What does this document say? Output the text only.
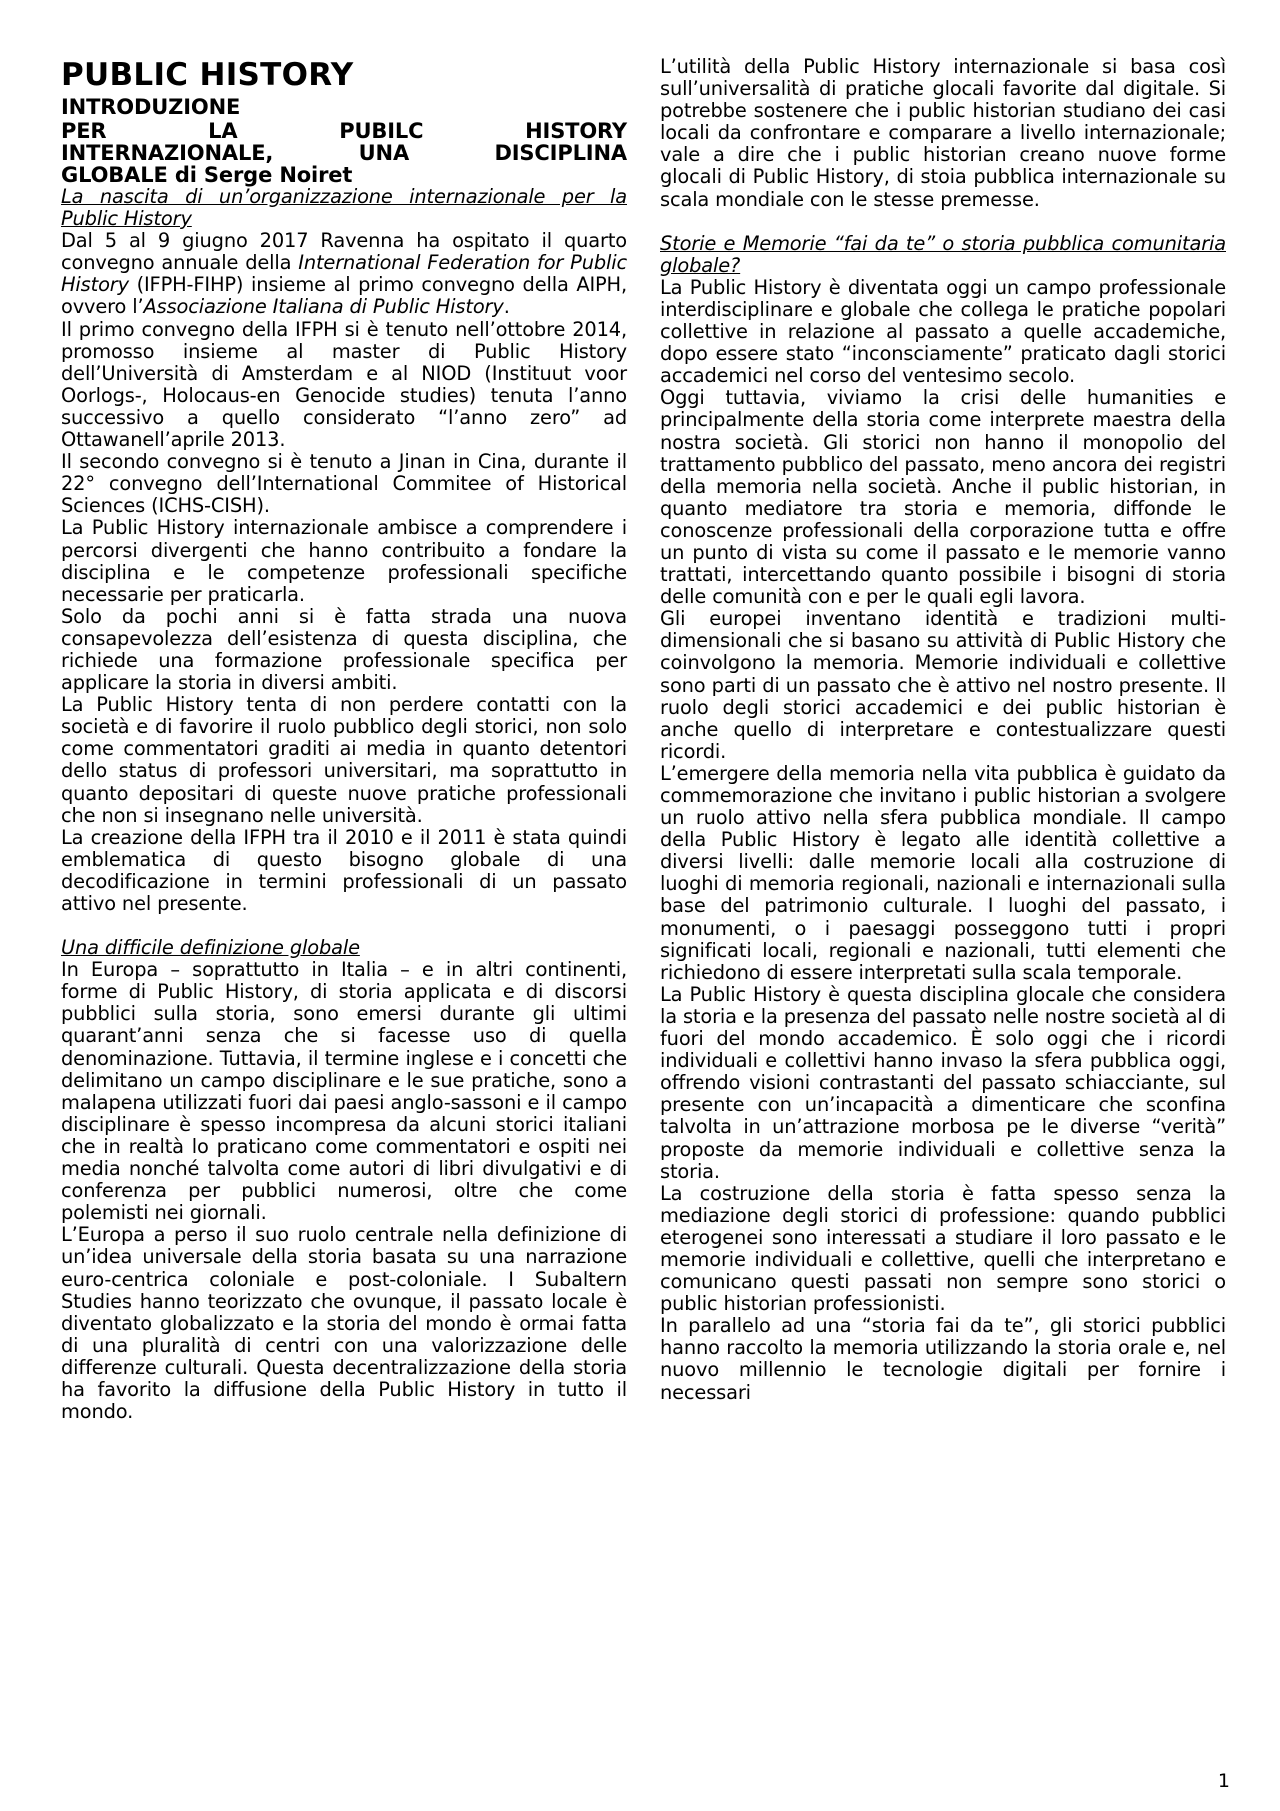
PUBLIC HISTORY

INTRODUZIONE

PER LA PUBILC HISTORY
INTERNAZIONALE, UNA DISCIPLINA
GLOBALE di Serge Noiret

La nascita di un’organizzazione internazionale per la Public History

Dal 5 al 9 giugno 2017 Ravenna ha ospitato il quarto convegno annuale della International Federation for Public History (IFPH-FIHP) insieme al primo convegno della AIPH, ovvero l’Associazione Italiana di Public History.

Il primo convegno della IFPH si è tenuto nell’ottobre 2014, promosso insieme al master di Public History dell’Università di Amsterdam e al NIOD (Instituut voor Oorlogs-, Holocaus-en Genocide studies) tenuta l’anno successivo a quello considerato “l’anno zero” ad Ottawanell’aprile 2013.

Il secondo convegno si è tenuto a Jinan in Cina, durante il 22° convegno dell’International Commitee of Historical Sciences (ICHS-CISH).

La Public History internazionale ambisce a comprendere i percorsi divergenti che hanno contribuito a fondare la disciplina e le competenze professionali specifiche necessarie per praticarla.

Solo da pochi anni si è fatta strada una nuova consapevolezza dell’esistenza di questa disciplina, che richiede una formazione professionale specifica per applicare la storia in diversi ambiti.

La Public History tenta di non perdere contatti con la società e di favorire il ruolo pubblico degli storici, non solo come commentatori graditi ai media in quanto detentori dello status di professori universitari, ma soprattutto in quanto depositari di queste nuove pratiche professionali che non si insegnano nelle università.

La creazione della IFPH tra il 2010 e il 2011 è stata quindi emblematica di questo bisogno globale di una decodificazione in termini professionali di un passato attivo nel presente.

Una difficile definizione globale

In Europa – soprattutto in Italia – e in altri continenti, forme di Public History, di storia applicata e di discorsi pubblici sulla storia, sono emersi durante gli ultimi quarant’anni senza che si facesse uso di quella denominazione. Tuttavia, il termine inglese e i concetti che delimitano un campo disciplinare e le sue pratiche, sono a malapena utilizzati fuori dai paesi anglo-sassoni e il campo disciplinare è spesso incompresa da alcuni storici italiani che in realtà lo praticano come commentatori e ospiti nei media nonché talvolta come autori di libri divulgativi e di conferenza per pubblici numerosi, oltre che come polemisti nei giornali.

L’Europa a perso il suo ruolo centrale nella definizione di un’idea universale della storia basata su una narrazione euro-centrica coloniale e post-coloniale. I Subaltern Studies hanno teorizzato che ovunque, il passato locale è diventato globalizzato e la storia del mondo è ormai fatta di una pluralità di centri con una valorizzazione delle differenze culturali. Questa decentralizzazione della storia ha favorito la diffusione della Public History in tutto il mondo.

L’utilità della Public History internazionale si basa così sull’universalità di pratiche glocali favorite dal digitale. Si potrebbe sostenere che i public historian studiano dei casi locali da confrontare e comparare a livello internazionale; vale a dire che i public historian creano nuove forme glocali di Public History, di stoia pubblica internazionale su scala mondiale con le stesse premesse.

Storie e Memorie “fai da te” o storia pubblica comunitaria globale?

La Public History è diventata oggi un campo professionale interdisciplinare e globale che collega le pratiche popolari collettive in relazione al passato a quelle accademiche, dopo essere stato “inconsciamente” praticato dagli storici accademici nel corso del ventesimo secolo.

Oggi tuttavia, viviamo la crisi delle humanities e principalmente della storia come interprete maestra della nostra società. Gli storici non hanno il monopolio del trattamento pubblico del passato, meno ancora dei registri della memoria nella società. Anche il public historian, in quanto mediatore tra storia e memoria, diffonde le conoscenze professionali della corporazione tutta e offre un punto di vista su come il passato e le memorie vanno trattati, intercettando quanto possibile i bisogni di storia delle comunità con e per le quali egli lavora.

Gli europei inventano identità e tradizioni multi-dimensionali che si basano su attività di Public History che coinvolgono la memoria. Memorie individuali e collettive sono parti di un passato che è attivo nel nostro presente. Il ruolo degli storici accademici e dei public historian è anche quello di interpretare e contestualizzare questi ricordi.

L’emergere della memoria nella vita pubblica è guidato da commemorazione che invitano i public historian a svolgere un ruolo attivo nella sfera pubblica mondiale. Il campo della Public History è legato alle identità collettive a diversi livelli: dalle memorie locali alla costruzione di luoghi di memoria regionali, nazionali e internazionali sulla base del patrimonio culturale. I luoghi del passato, i monumenti, o i paesaggi posseggono tutti i propri significati locali, regionali e nazionali, tutti elementi che richiedono di essere interpretati sulla scala temporale.

La Public History è questa disciplina glocale che considera la storia e la presenza del passato nelle nostre società al di fuori del mondo accademico. È solo oggi che i ricordi individuali e collettivi hanno invaso la sfera pubblica oggi, offrendo visioni contrastanti del passato schiacciante, sul presente con un’incapacità a dimenticare che sconfina talvolta in un’attrazione morbosa pe le diverse “verità” proposte da memorie individuali e collettive senza la storia.

La costruzione della storia è fatta spesso senza la mediazione degli storici di professione: quando pubblici eterogenei sono interessati a studiare il loro passato e le memorie individuali e collettive, quelli che interpretano e comunicano questi passati non sempre sono storici o public historian professionisti.

In parallelo ad una “storia fai da te”, gli storici pubblici hanno raccolto la memoria utilizzando la storia orale e, nel nuovo millennio le tecnologie digitali per fornire i necessari

1
